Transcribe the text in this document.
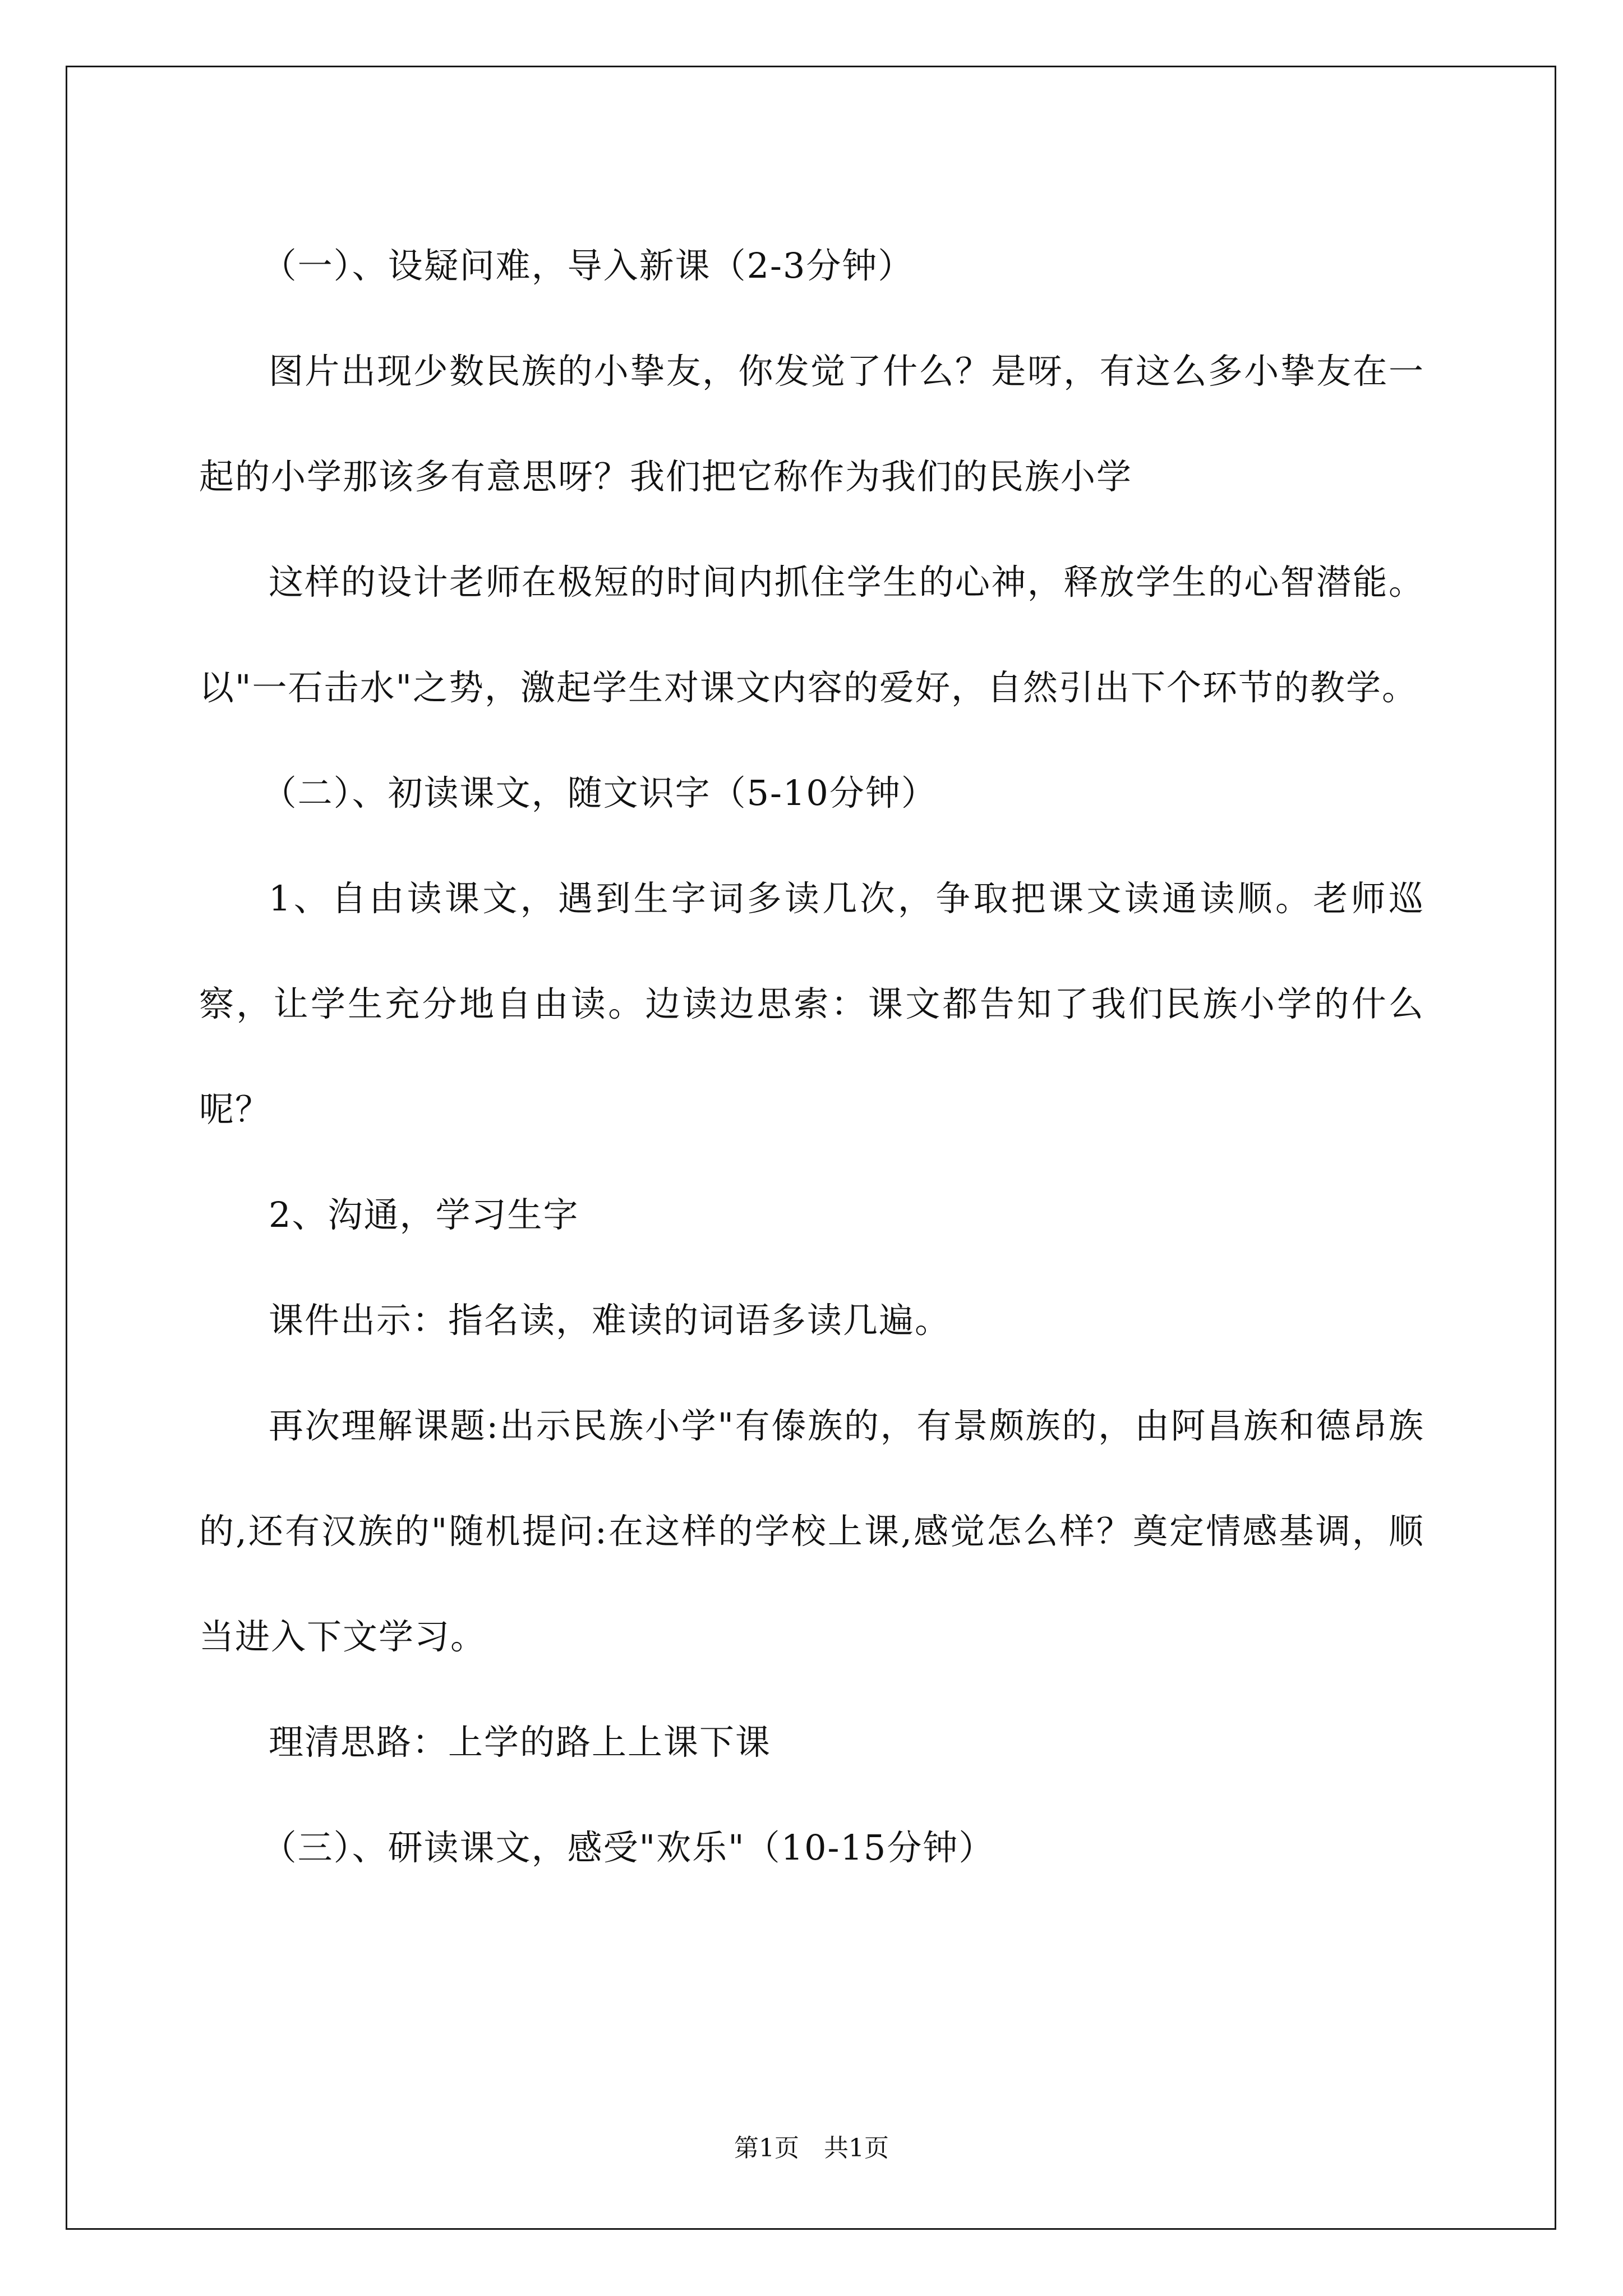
（一）、设疑问难，导入新课（2-3分钟）

图片出现少数民族的小挚友，你发觉了什么？是呀，有这么多小挚友在一起的小学那该多有意思呀？我们把它称作为我们的民族小学

这样的设计老师在极短的时间内抓住学生的心神，释放学生的心智潜能。以"一石击水"之势，激起学生对课文内容的爱好，自然引出下个环节的教学。

（二）、初读课文，随文识字（5-10分钟）

1、自由读课文，遇到生字词多读几次，争取把课文读通读顺。老师巡察，让学生充分地自由读。边读边思索：课文都告知了我们民族小学的什么呢？

2、沟通，学习生字

课件出示：指名读，难读的词语多读几遍。

再次理解课题:出示民族小学"有傣族的，有景颇族的，由阿昌族和德昂族的,还有汉族的"随机提问:在这样的学校上课,感觉怎么样？奠定情感基调，顺当进入下文学习。

理清思路：上学的路上上课下课

（三）、研读课文，感受"欢乐"（10-15分钟）

第1页 共1页
